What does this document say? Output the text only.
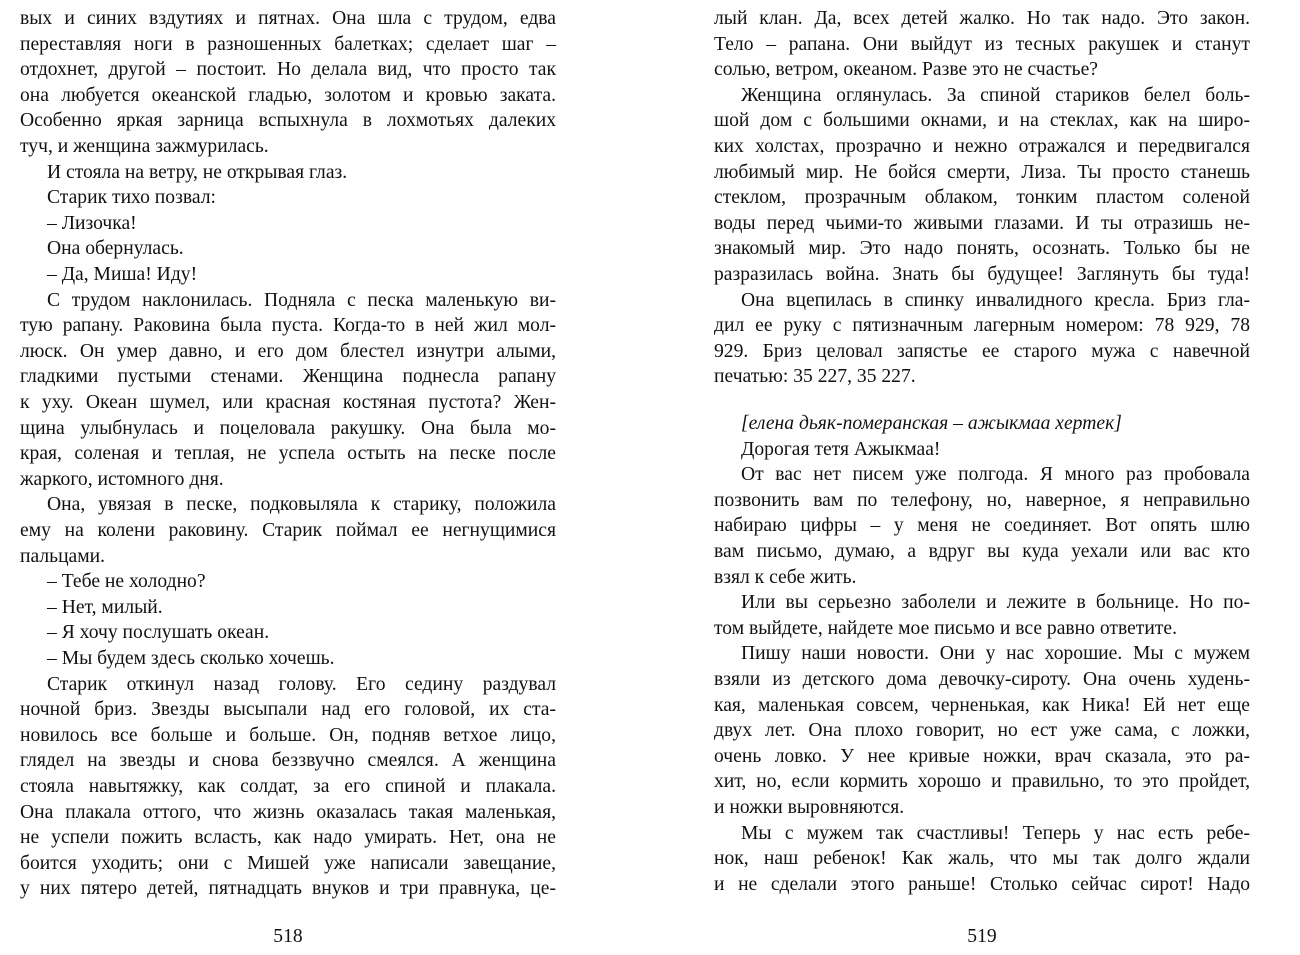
вых и синих вздутиях и пятнах. Она шла с трудом, едва
переставляя ноги в разношенных балетках; сделает шаг –
отдохнет, другой – постоит. Но делала вид, что просто так
она любуется океанской гладью, золотом и кровью заката.
Особенно яркая зарница вспыхнула в лохмотьях далеких
туч, и женщина зажмурилась.
И стояла на ветру, не открывая глаз.
Старик тихо позвал:
– Лизочка!
Она обернулась.
– Да, Миша! Иду!
С трудом наклонилась. Подняла с песка маленькую ви-
тую рапану. Раковина была пуста. Когда-то в ней жил мол-
люск. Он умер давно, и его дом блестел изнутри алыми,
гладкими пустыми стенами. Женщина поднесла рапану
к уху. Океан шумел, или красная костяная пустота? Жен-
щина улыбнулась и поцеловала ракушку. Она была мо-
края, соленая и теплая, не успела остыть на песке после
жаркого, истомного дня.
Она, увязая в песке, подковыляла к старику, положила
ему на колени раковину. Старик поймал ее негнущимися
пальцами.
– Тебе не холодно?
– Нет, милый.
– Я хочу послушать океан.
– Мы будем здесь сколько хочешь.
Старик откинул назад голову. Его седину раздувал
ночной бриз. Звезды высыпали над его головой, их ста-
новилось все больше и больше. Он, подняв ветхое лицо,
глядел на звезды и снова беззвучно смеялся. А женщина
стояла навытяжку, как солдат, за его спиной и плакала.
Она плакала оттого, что жизнь оказалась такая маленькая,
не успели пожить всласть, как надо умирать. Нет, она не
боится уходить; они с Мишей уже написали завещание,
у них пятеро детей, пятнадцать внуков и три правнука, це-
518
лый клан. Да, всех детей жалко. Но так надо. Это закон.
Тело – рапана. Они выйдут из тесных ракушек и станут
солью, ветром, океаном. Разве это не счастье?
Женщина оглянулась. За спиной стариков белел боль-
шой дом с большими окнами, и на стеклах, как на широ-
ких холстах, прозрачно и нежно отражался и передвигался
любимый мир. Не бойся смерти, Лиза. Ты просто станешь
стеклом, прозрачным облаком, тонким пластом соленой
воды перед чьими-то живыми глазами. И ты отразишь не-
знакомый мир. Это надо понять, осознать. Только бы не
разразилась война. Знать бы будущее! Заглянуть бы туда!
Она вцепилась в спинку инвалидного кресла. Бриз гла-
дил ее руку с пятизначным лагерным номером: 78 929, 78
929. Бриз целовал запястье ее старого мужа с навечной
печатью: 35 227, 35 227.
[елена дьяк-померанская – ажыкмаа хертек]
Дорогая тетя Ажыкмаа!
От вас нет писем уже полгода. Я много раз пробовала
позвонить вам по телефону, но, наверное, я неправильно
набираю цифры – у меня не соединяет. Вот опять шлю
вам письмо, думаю, а вдруг вы куда уехали или вас кто
взял к себе жить.
Или вы серьезно заболели и лежите в больнице. Но по-
том выйдете, найдете мое письмо и все равно ответите.
Пишу наши новости. Они у нас хорошие. Мы с мужем
взяли из детского дома девочку-сироту. Она очень худень-
кая, маленькая совсем, черненькая, как Ника! Ей нет еще
двух лет. Она плохо говорит, но ест уже сама, с ложки,
очень ловко. У нее кривые ножки, врач сказала, это ра-
хит, но, если кормить хорошо и правильно, то это пройдет,
и ножки выровняются.
Мы с мужем так счастливы! Теперь у нас есть ребе-
нок, наш ребенок! Как жаль, что мы так долго ждали
и не сделали этого раньше! Столько сейчас сирот! Надо
519
